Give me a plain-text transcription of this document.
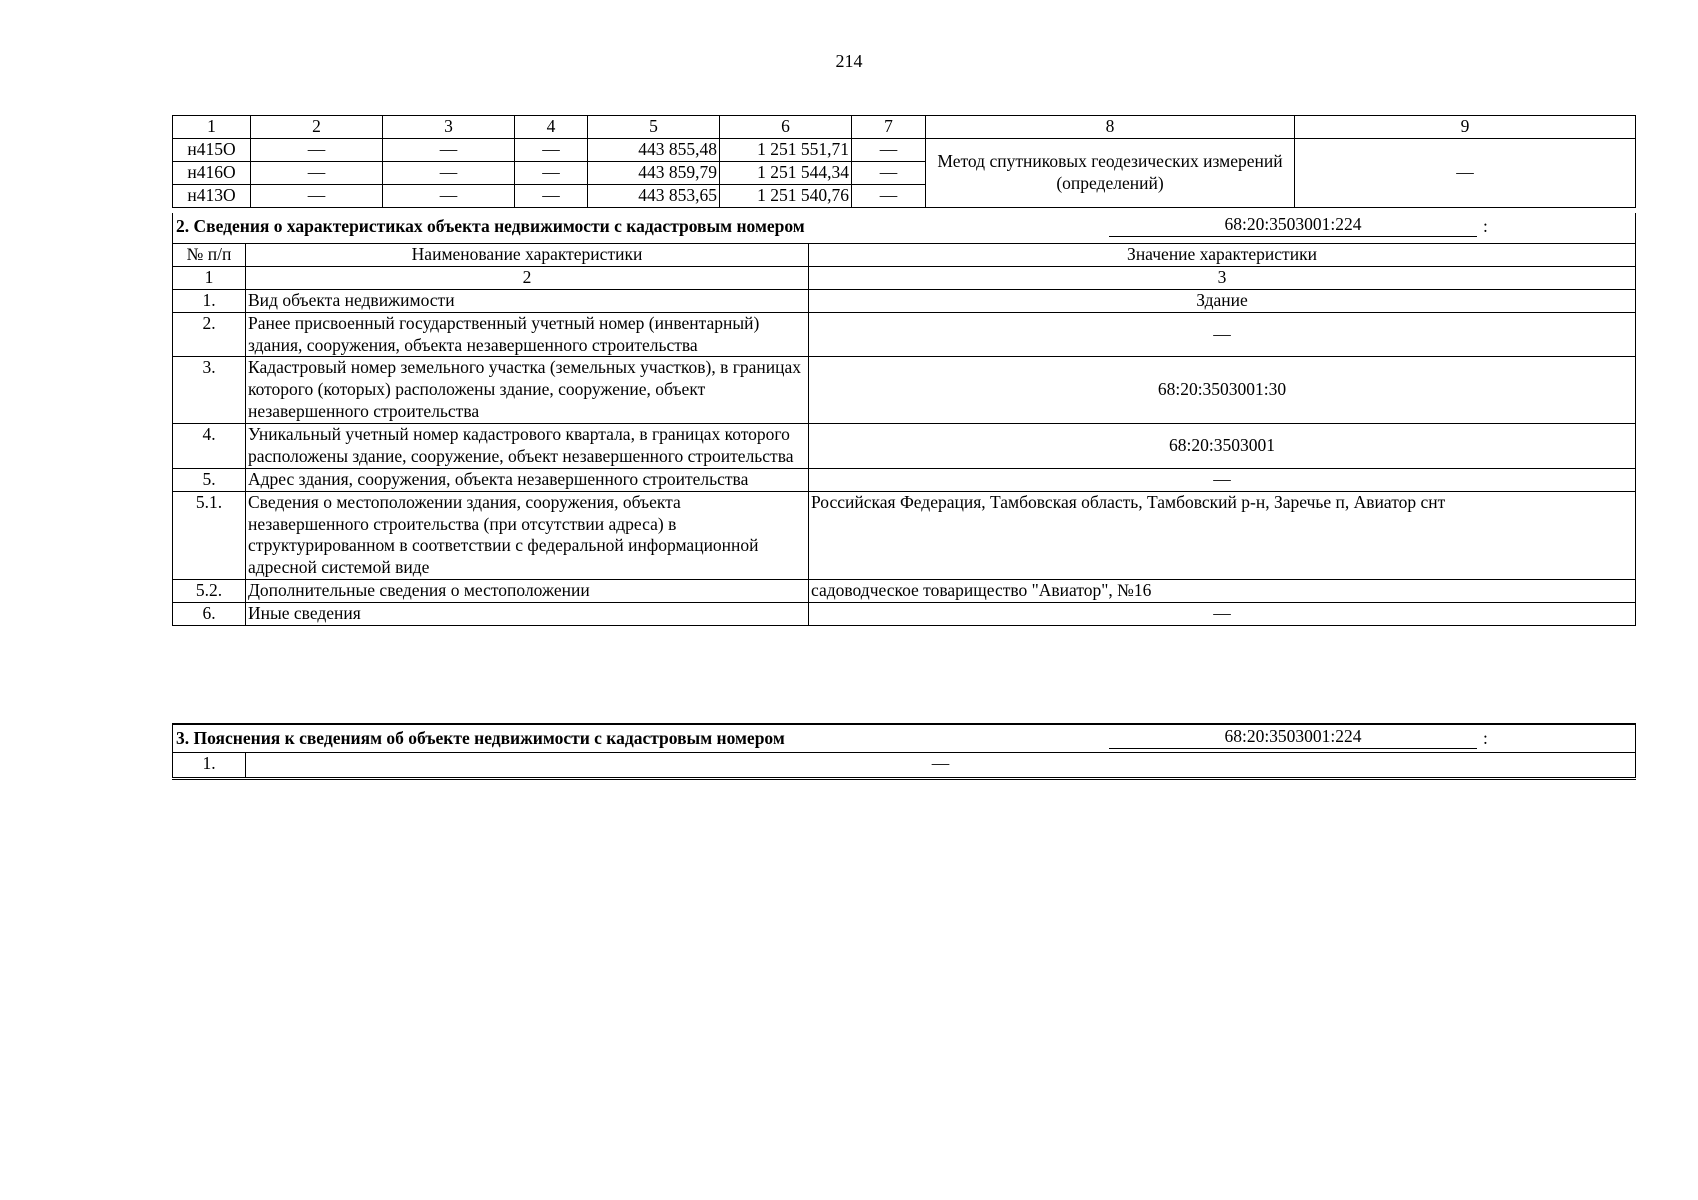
214
1	2	3	4	5	6	7	8	9
н415О	—	—	—	443 855,48	1 251 551,71	—	Метод спутниковых геодезических измерений (определений)	—
н416О	—	—	—	443 859,79	1 251 544,34	—		
н413О	—	—	—	443 853,65	1 251 540,76	—		
2. Сведения о характеристиках объекта недвижимости с кадастровым номером	68:20:3503001:224	:
№ п/п	Наименование характеристики	Значение характеристики
1	2	3
1.	Вид объекта недвижимости	Здание
2.	Ранее присвоенный государственный учетный номер (инвентарный) здания, сооружения, объекта незавершенного строительства	—
3.	Кадастровый номер земельного участка (земельных участков), в границах которого (которых) расположены здание, сооружение, объект незавершенного строительства	68:20:3503001:30
4.	Уникальный учетный номер кадастрового квартала, в границах которого расположены здание, сооружение, объект незавершенного строительства	68:20:3503001
5.	Адрес здания, сооружения, объекта незавершенного строительства	—
5.1.	Сведения о местоположении здания, сооружения, объекта незавершенного строительства (при отсутствии адреса) в структурированном в соответствии с федеральной информационной адресной системой виде	Российская Федерация, Тамбовская область, Тамбовский р-н, Заречье п, Авиатор снт
5.2.	Дополнительные сведения о местоположении	садоводческое товарищество "Авиатор", №16
6.	Иные сведения	—
3. Пояснения к сведениям об объекте недвижимости с кадастровым номером	68:20:3503001:224	:
1.	—
